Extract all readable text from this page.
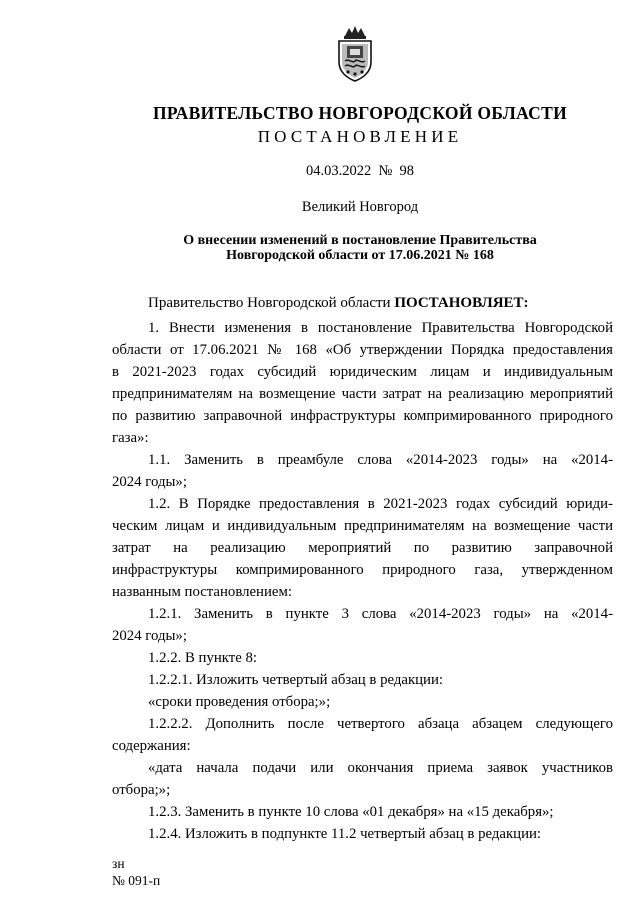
ПРАВИТЕЛЬСТВО НОВГОРОДСКОЙ ОБЛАСТИ
ПОСТАНОВЛЕНИЕ
04.03.2022 № 98
Великий Новгород
О внесении изменений в постановление Правительства
Новгородской области от 17.06.2021 № 168
Правительство Новгородской области ПОСТАНОВЛЯЕТ:
1. Внести изменения в постановление Правительства Новгородской
области от 17.06.2021 № 168 «Об утверждении Порядка предоставления
в 2021-2023 годах субсидий юридическим лицам и индивидуальным
предпринимателям на возмещение части затрат на реализацию мероприятий
по развитию заправочной инфраструктуры компримированного природного
газа»:
1.1. Заменить в преамбуле слова «2014-2023 годы» на «2014-
2024 годы»;
1.2. В Порядке предоставления в 2021-2023 годах субсидий юриди-
ческим лицам и индивидуальным предпринимателям на возмещение части
затрат на реализацию мероприятий по развитию заправочной
инфраструктуры компримированного природного газа, утвержденном
названным постановлением:
1.2.1. Заменить в пункте 3 слова «2014-2023 годы» на «2014-
2024 годы»;
1.2.2. В пункте 8:
1.2.2.1. Изложить четвертый абзац в редакции:
«сроки проведения отбора;»;
1.2.2.2. Дополнить после четвертого абзаца абзацем следующего
содержания:
«дата начала подачи или окончания приема заявок участников
отбора;»;
1.2.3. Заменить в пункте 10 слова «01 декабря» на «15 декабря»;
1.2.4. Изложить в подпункте 11.2 четвертый абзац в редакции:
зн
№ 091-п
